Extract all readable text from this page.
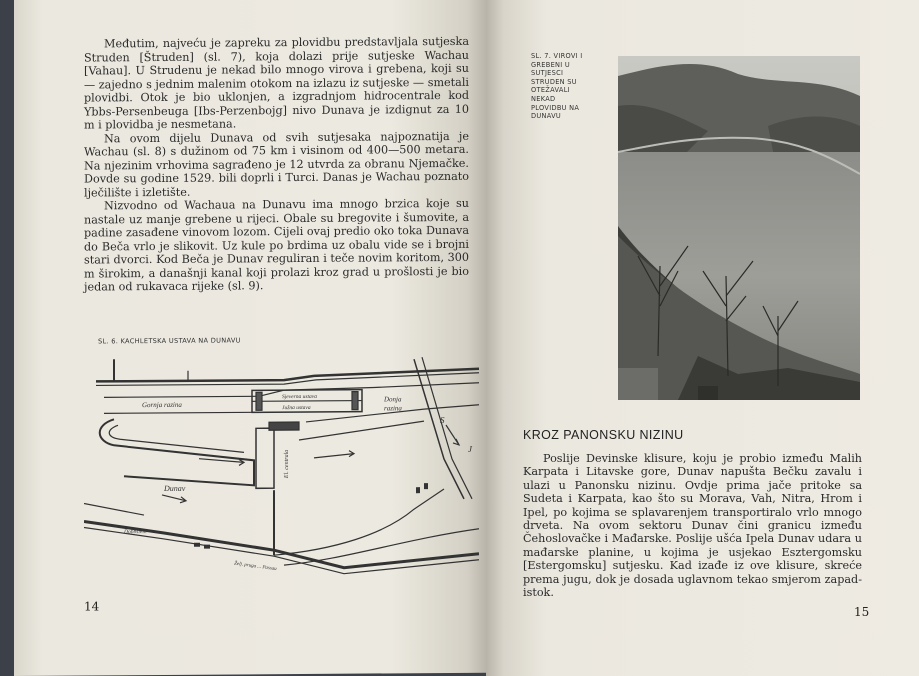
Međutim, najveću je zapreku za plovidbu predstavljala sutjeska Struden [Štruden] (sl. 7), koja dolazi prije sutjeske Wachau [Vahau]. U Strudenu je nekad bilo mnogo virova i grebena, koji su — zajedno s jednim malenim otokom na izlazu iz sutjeske — smetali plovidbi. Otok je bio uklonjen, a izgradnjom hidrocentrale kod Ybbs-Persenbeuga [Ibs-Perzenbojg] nivo Dunava je izdignut za 10 m i plovidba je nesmetana.

Na ovom dijelu Dunava od svih sutjesaka najpoznatija je Wachau (sl. 8) s dužinom od 75 km i visinom od 400—500 metara. Na njezinim vrhovima sagrađeno je 12 utvrda za obranu Njemačke. Dovde su godine 1529. bili doprli i Turci. Danas je Wachau poznato lječilište i izletište.

Nizvodno od Wachaua na Dunavu ima mnogo brzica koje su nastale uz manje grebene u rijeci. Obale su bregovite i šumovite, a padine zasađene vinovom lozom. Cijeli ovaj predio oko toka Dunava do Beča vrlo je slikovit. Uz kule po brdima uz obalu vide se i brojni stari dvorci. Kod Beča je Dunav reguliran i teče novim koritom, 300 m širokim, a današnji kanal koji prolazi kroz grad u prošlosti je bio jedan od rukavaca rijeke (sl. 9).

SL. 6. KACHLETSKA USTAVA NA DUNAVU
Gornja razina
Sjeverna ustava
Južna ustava
Donja
razina
El. centrala
Dunav
Dobbsiein
Želj. pruga ... Passau
S
J
14
SL. 7. VIROVI I GREBENI U SUTJESCI STRUDEN SU OTEŽAVALI NEKAD PLOVIDBU NA DUNAVU
KROZ PANONSKU NIZINU

Poslije Devinske klisure, koju je probio između Malih Karpata i Litavske gore, Dunav napušta Bečku zavalu i ulazi u Panonsku nizinu. Ovdje prima jače pritoke sa Sudeta i Karpata, kao što su Morava, Vah, Nitra, Hrom i Ipel, po kojima se splavarenjem transportiralo vrlo mnogo drveta. Na ovom sektoru Dunav čini granicu između Čehoslovačke i Mađarske. Poslije ušća Ipela Dunav udara u mađarske planine, u kojima je usjekao Esztergomsku [Estergomsku] sutjesku. Kad izađe iz ove klisure, skreće prema jugu, dok je dosada uglavnom tekao smjerom zapad-istok.

15
